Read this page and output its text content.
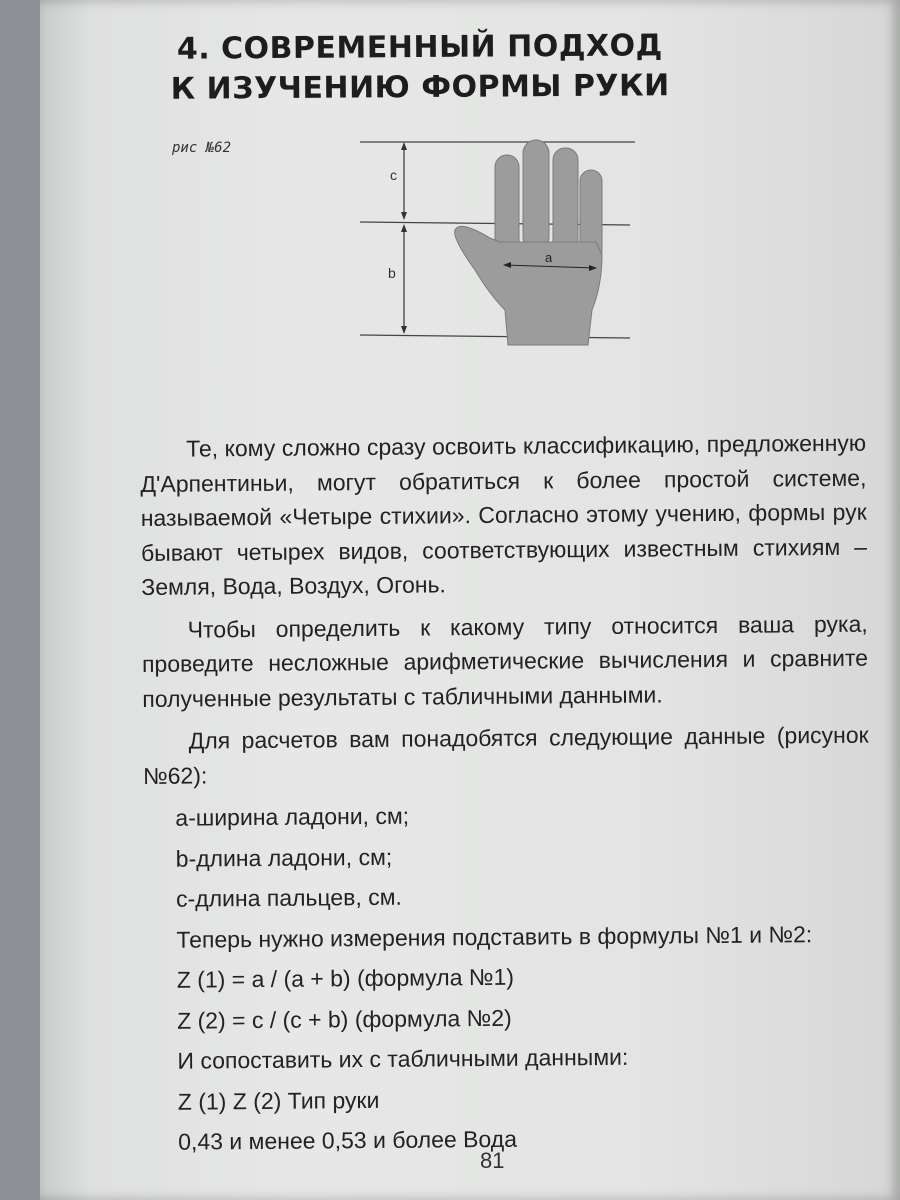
4. СОВРЕМЕННЫЙ ПОДХОД
К ИЗУЧЕНИЮ ФОРМЫ РУКИ
рис №62
c
b
a

Те, кому сложно сразу освоить классификацию, предложенную Д'Арпентиньи, могут обратиться к более простой системе, называемой «Четыре стихии». Согласно этому учению, формы рук бывают четырех видов, соответствующих известным стихиям – Земля, Вода, Воздух, Огонь.

Чтобы определить к какому типу относится ваша рука, проведите несложные арифметические вычисления и сравните полученные результаты с табличными данными.

Для расчетов вам понадобятся следующие данные (рисунок №62):

а-ширина ладони, см;
b-длина ладони, см;
с-длина пальцев, см.
Теперь нужно измерения подставить в формулы №1 и №2:
Z (1) = a / (a + b) (формула №1)
Z (2) = c / (c + b) (формула №2)
И сопоставить их с табличными данными:
Z (1) Z (2) Тип руки
0,43 и менее 0,53 и более Вода
81
